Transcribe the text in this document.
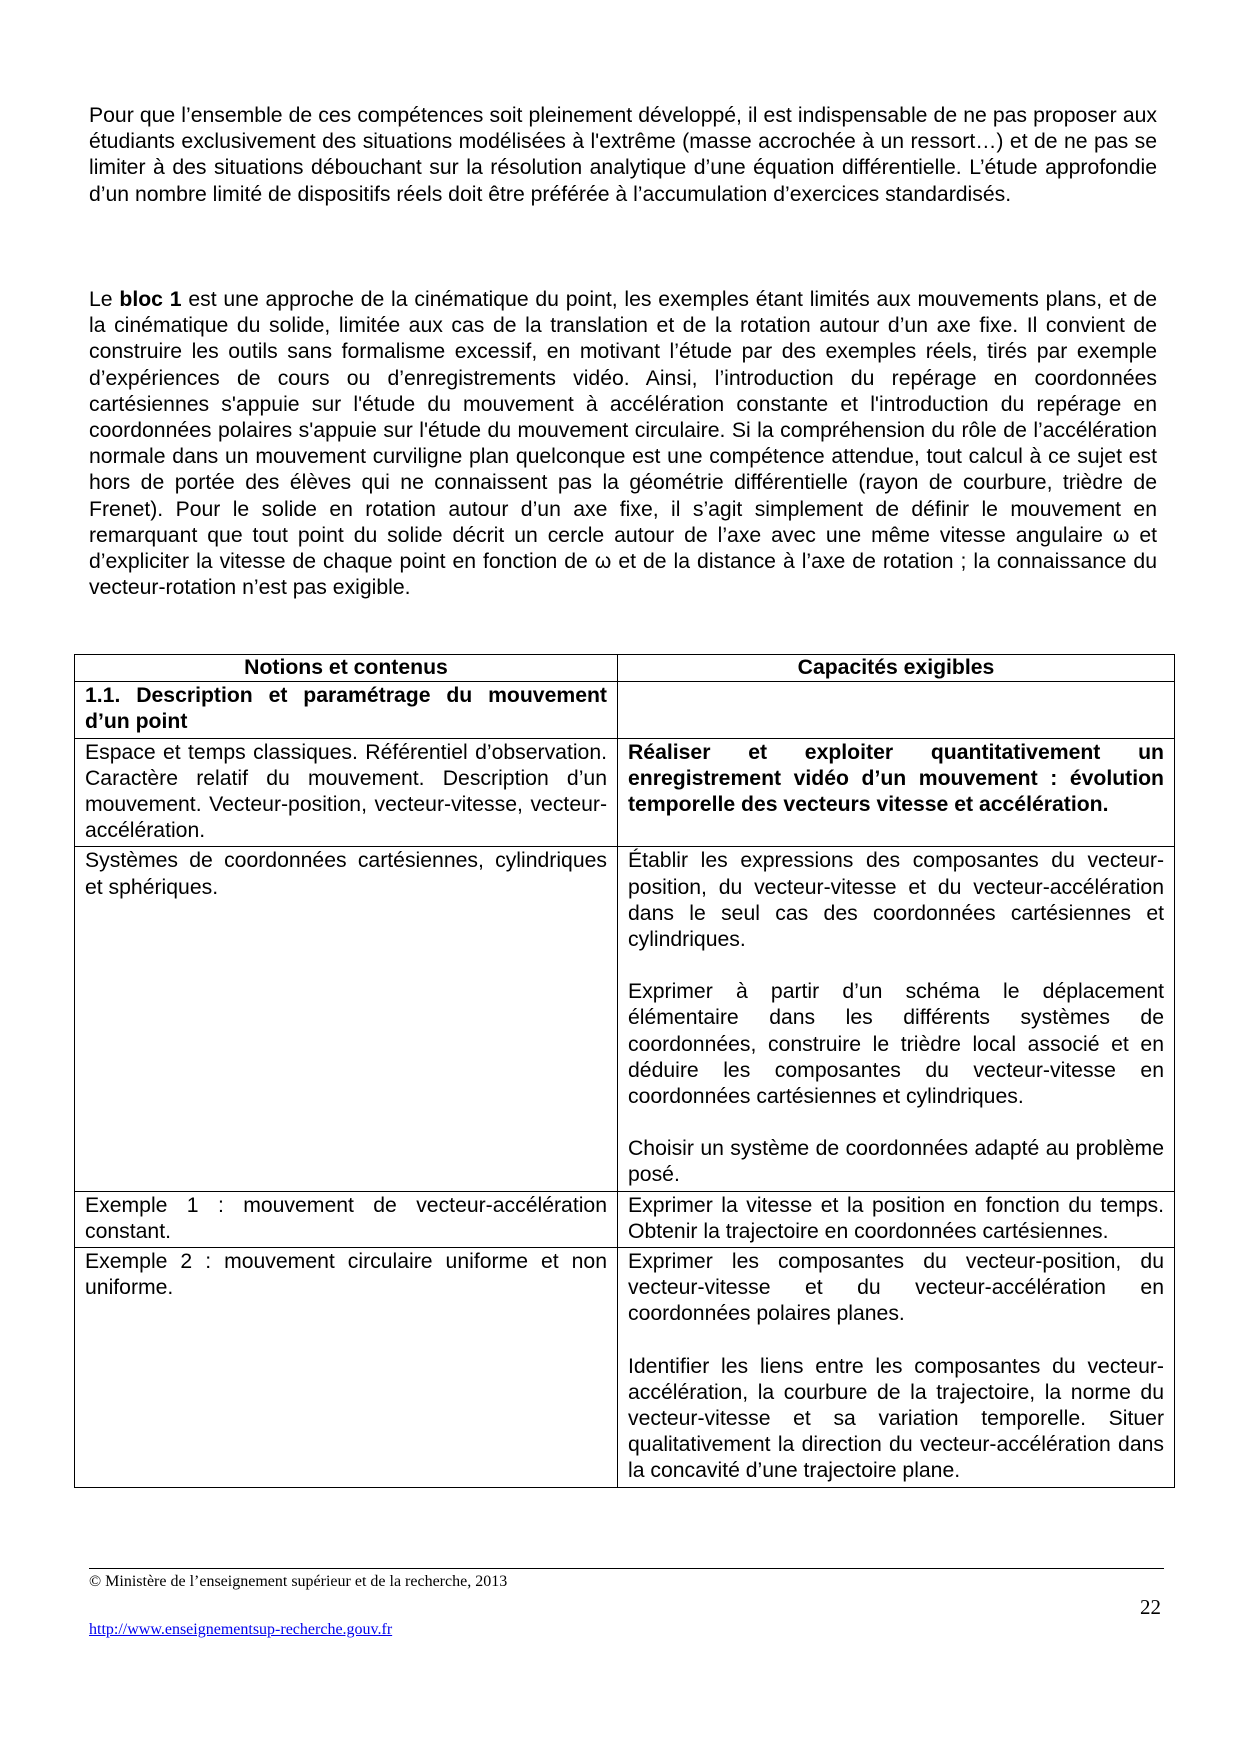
Pour que l’ensemble de ces compétences soit pleinement développé, il est indispensable de ne pas proposer aux étudiants exclusivement des situations modélisées à l'extrême (masse accrochée à un ressort…) et de ne pas se limiter à des situations débouchant sur la résolution analytique d’une équation différentielle. L’étude approfondie d’un nombre limité de dispositifs réels doit être préférée à l’accumulation d’exercices standardisés.

Le bloc 1 est une approche de la cinématique du point, les exemples étant limités aux mouvements plans, et de la cinématique du solide, limitée aux cas de la translation et de la rotation autour d’un axe fixe. Il convient de construire les outils sans formalisme excessif, en motivant l’étude par des exemples réels, tirés par exemple d’expériences de cours ou d’enregistrements vidéo. Ainsi, l’introduction du repérage en coordonnées cartésiennes s'appuie sur l'étude du mouvement à accélération constante et l'introduction du repérage en coordonnées polaires s'appuie sur l'étude du mouvement circulaire. Si la compréhension du rôle de l’accélération normale dans un mouvement curviligne plan quelconque est une compétence attendue, tout calcul à ce sujet est hors de portée des élèves qui ne connaissent pas la géométrie différentielle (rayon de courbure, trièdre de Frenet). Pour le solide en rotation autour d’un axe fixe, il s’agit simplement de définir le mouvement en remarquant que tout point du solide décrit un cercle autour de l’axe avec une même vitesse angulaire ω et d’expliciter la vitesse de chaque point en fonction de ω et de la distance à l’axe de rotation ; la connaissance du vecteur-rotation n’est pas exigible.

Notions et contenus	Capacités exigibles
1.1. Description et paramétrage du mouvement d’un point	
Espace et temps classiques. Référentiel d’observation. Caractère relatif du mouvement. Description d’un mouvement. Vecteur-position, vecteur-vitesse, vecteur-accélération.	Réaliser et exploiter quantitativement un enregistrement vidéo d’un mouvement : évolution temporelle des vecteurs vitesse et accélération.

Systèmes de coordonnées cartésiennes, cylindriques et sphériques.	Établir les expressions des composantes du vecteur-position, du vecteur-vitesse et du vecteur-accélération dans le seul cas des coordonnées cartésiennes et cylindriques.

Exprimer à partir d’un schéma le déplacement élémentaire dans les différents systèmes de coordonnées, construire le trièdre local associé et en déduire les composantes du vecteur-vitesse en coordonnées cartésiennes et cylindriques.

Choisir un système de coordonnées adapté au problème posé.

Exemple 1 : mouvement de vecteur-accélération constant.	Exprimer la vitesse et la position en fonction du temps. Obtenir la trajectoire en coordonnées cartésiennes.

Exemple 2 : mouvement circulaire uniforme et non uniforme.	Exprimer les composantes du vecteur-position, du vecteur-vitesse et du vecteur-accélération en coordonnées polaires planes.

Identifier les liens entre les composantes du vecteur-accélération, la courbure de la trajectoire, la norme du vecteur-vitesse et sa variation temporelle. Situer qualitativement la direction du vecteur-accélération dans la concavité d’une trajectoire plane.

© Ministère de l’enseignement supérieur et de la recherche, 2013
22
http://www.enseignementsup-recherche.gouv.fr
